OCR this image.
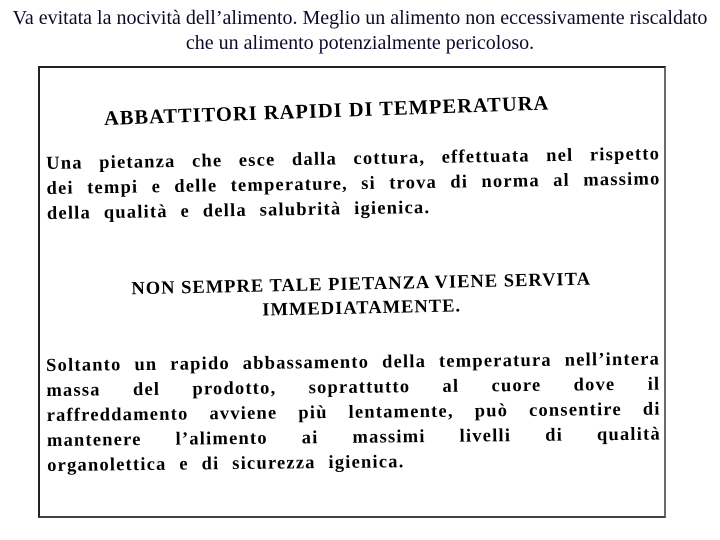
Va evitata la nocività dell’alimento. Meglio un alimento non eccessivamente riscaldato che un alimento potenzialmente pericoloso.
ABBATTITORI RAPIDI DI TEMPERATURA

Una pietanza che esce dalla cottura, effettuata nel rispetto dei tempi e delle temperature, si trova di norma al massimo della qualità e della salubrità igienica.

NON SEMPRE TALE PIETANZA VIENE SERVITA IMMEDIATAMENTE.

Soltanto un rapido abbassamento della temperatura nell’intera massa del prodotto, soprattutto al cuore dove il raffreddamento avviene più lentamente, può consentire di mantenere l’alimento ai massimi livelli di qualità organolettica e di sicurezza igienica.
